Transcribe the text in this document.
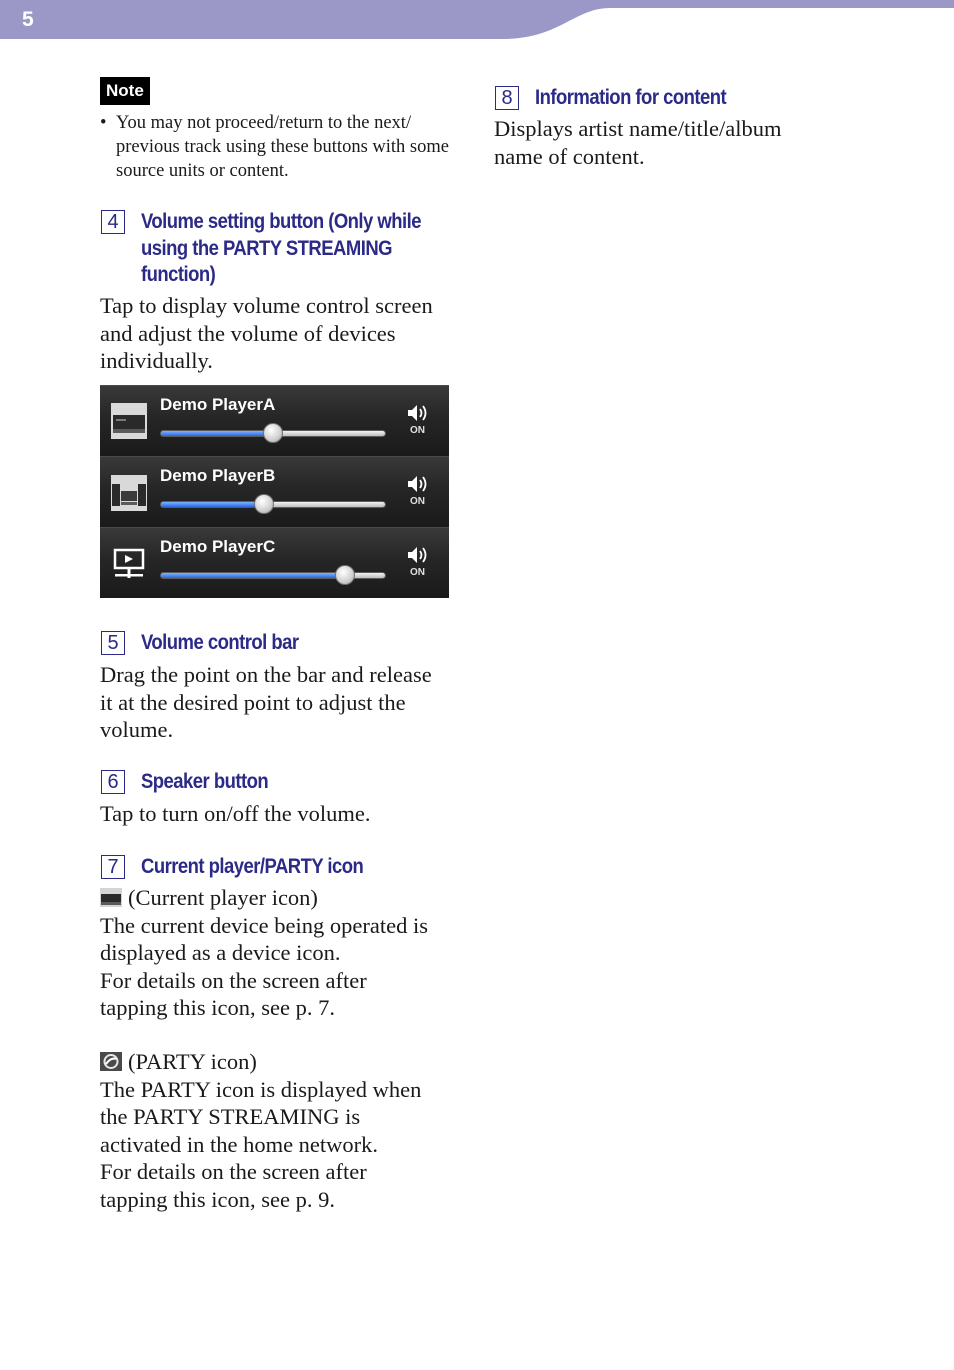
5
Note
• You may not proceed/return to the next/ previous track using these buttons with some source units or content.
4	Volume setting button (Only while
using the PARTY STREAMING
function)
Tap to display volume control screen
and adjust the volume of devices
individually.
Demo PlayerA
ON
Demo PlayerB
ON
Demo PlayerC
ON
5	Volume control bar
Drag the point on the bar and release
it at the desired point to adjust the
volume.
6	Speaker button
Tap to turn on/off the volume.
7	Current player/PARTY icon
(Current player icon)
The current device being operated is
displayed as a device icon.
For details on the screen after
tapping this icon, see p. 7.
(PARTY icon)
The PARTY icon is displayed when
the PARTY STREAMING is
activated in the home network.
For details on the screen after
tapping this icon, see p. 9.
8	Information for content
Displays artist name/title/album
name of content.
